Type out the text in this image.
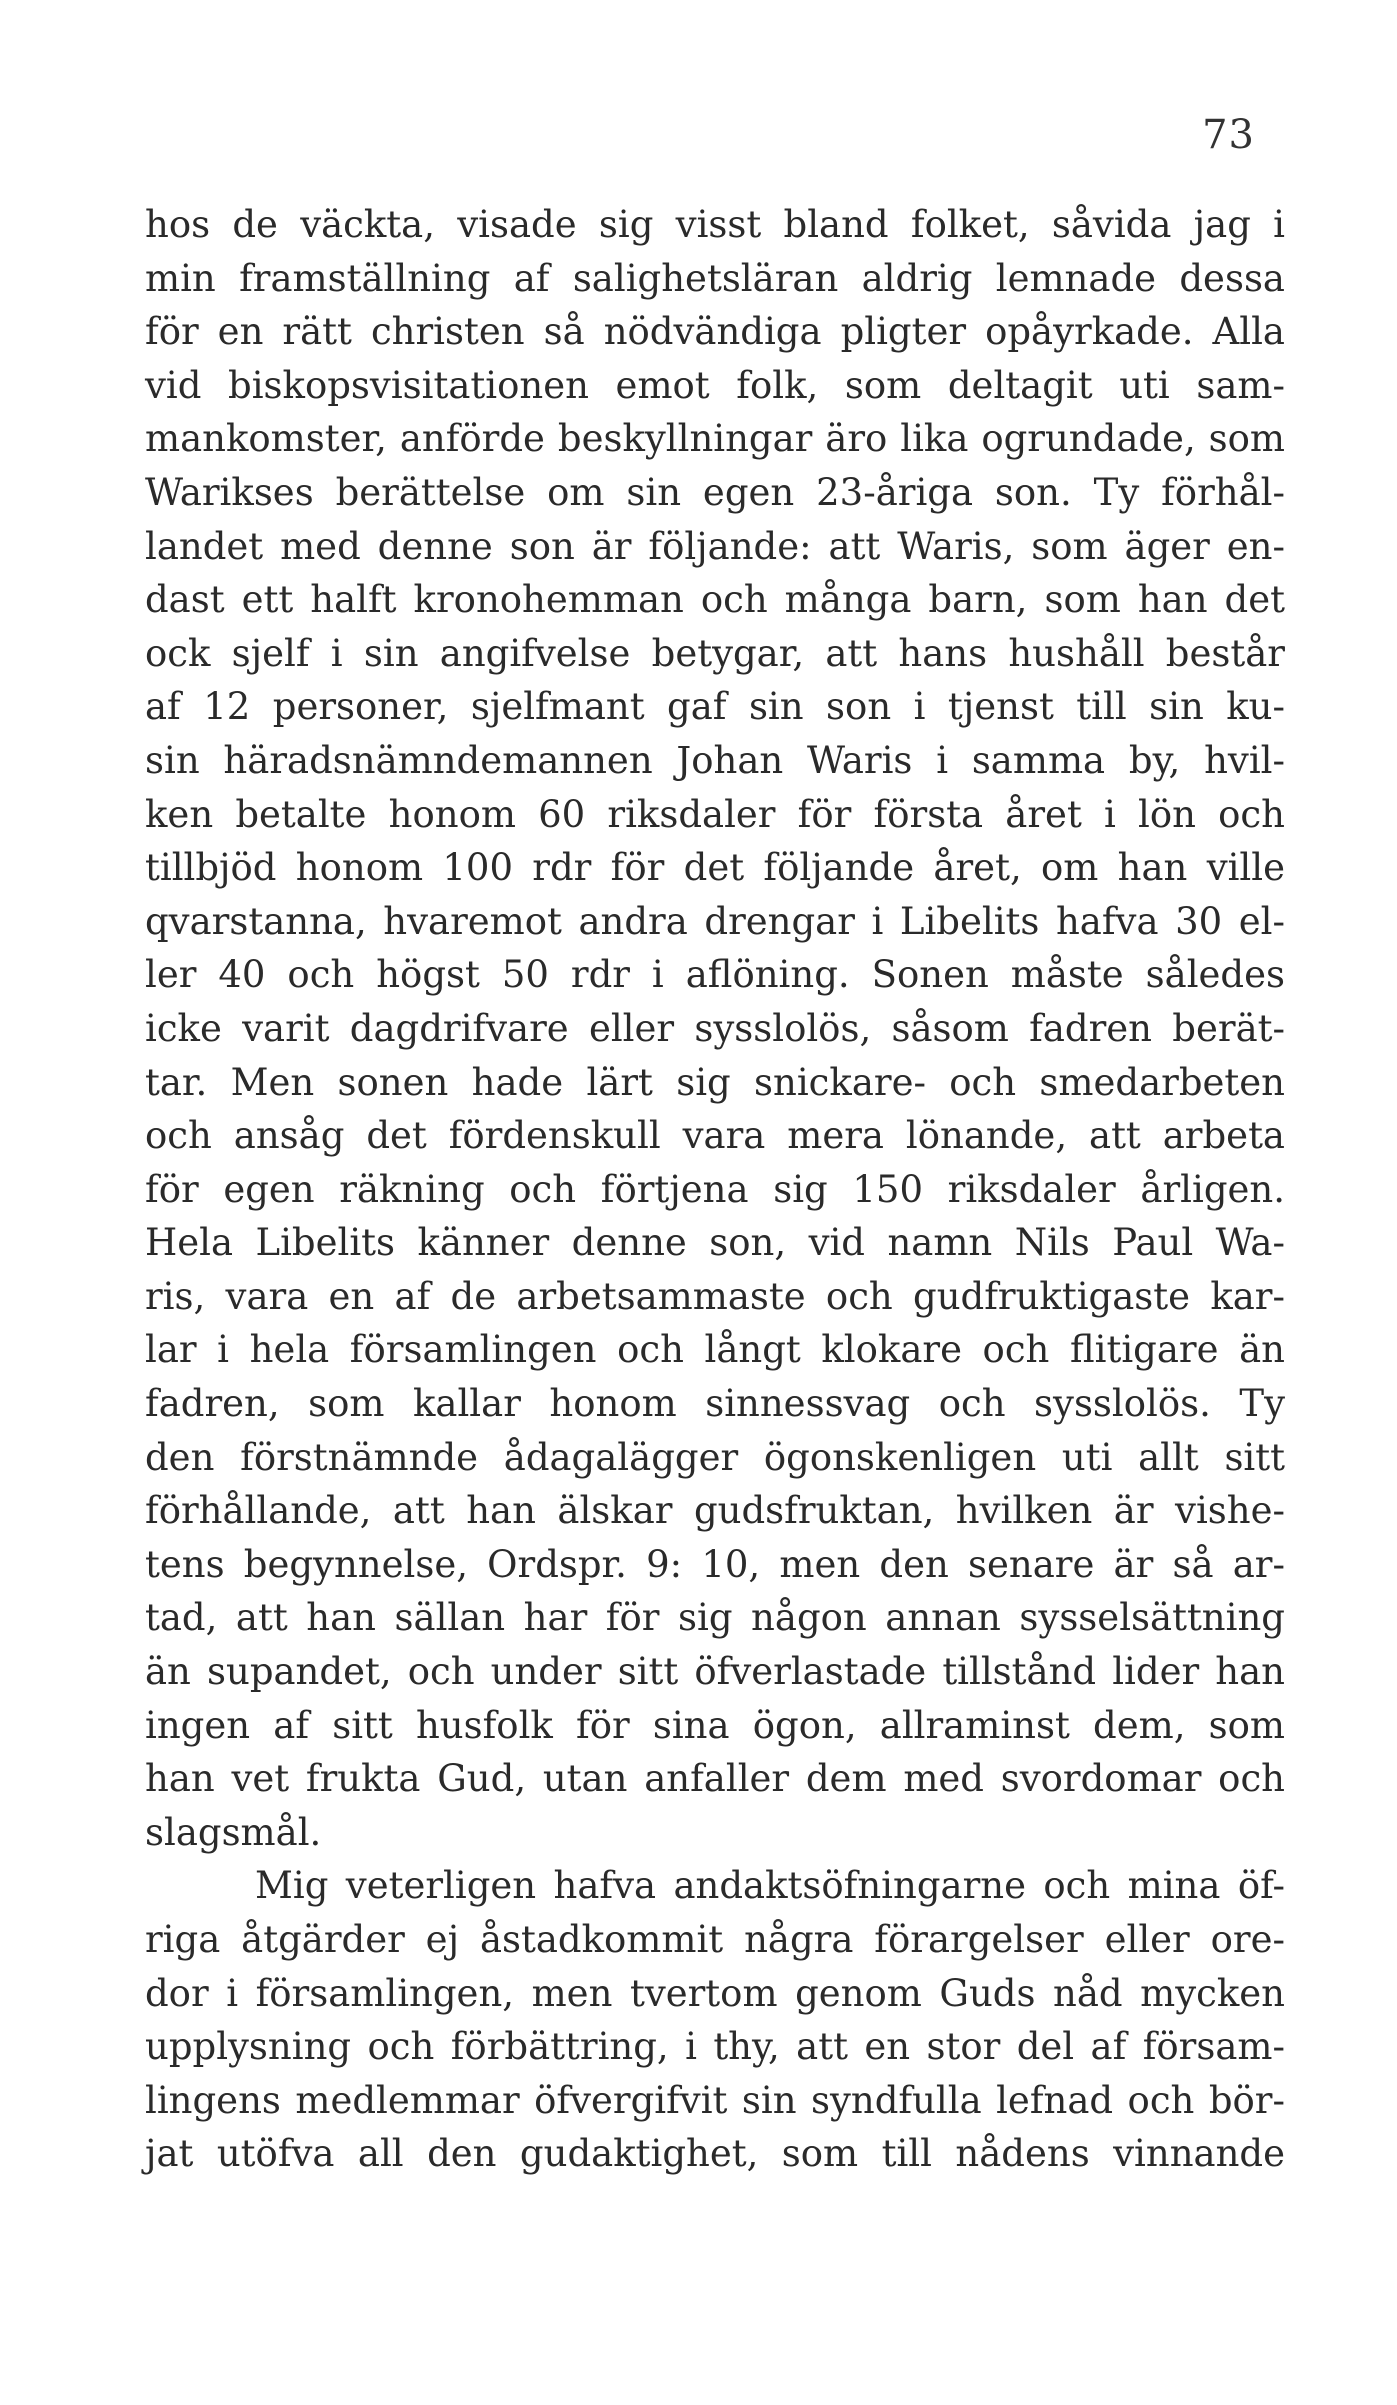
73
hos de väckta, visade sig visst bland folket, såvida jag i
min framställning af salighetsläran aldrig lemnade dessa
för en rätt christen så nödvändiga pligter opåyrkade. Alla
vid biskopsvisitationen emot folk, som deltagit uti sam-
mankomster, anförde beskyllningar äro lika ogrundade, som
Warikses berättelse om sin egen 23-åriga son. Ty förhål-
landet med denne son är följande: att Waris, som äger en-
dast ett halft kronohemman och många barn, som han det
ock sjelf i sin angifvelse betygar, att hans hushåll består
af 12 personer, sjelfmant gaf sin son i tjenst till sin ku-
sin häradsnämndemannen Johan Waris i samma by, hvil-
ken betalte honom 60 riksdaler för första året i lön och
tillbjöd honom 100 rdr för det följande året, om han ville
qvarstanna, hvaremot andra drengar i Libelits hafva 30 el-
ler 40 och högst 50 rdr i aflöning. Sonen måste således
icke varit dagdrifvare eller sysslolös, såsom fadren berät-
tar. Men sonen hade lärt sig snickare- och smedarbeten
och ansåg det fördenskull vara mera lönande, att arbeta
för egen räkning och förtjena sig 150 riksdaler årligen.
Hela Libelits känner denne son, vid namn Nils Paul Wa-
ris, vara en af de arbetsammaste och gudfruktigaste kar-
lar i hela församlingen och långt klokare och flitigare än
fadren, som kallar honom sinnessvag och sysslolös. Ty
den förstnämnde ådagalägger ögonskenligen uti allt sitt
förhållande, att han älskar gudsfruktan, hvilken är vishe-
tens begynnelse, Ordspr. 9: 10, men den senare är så ar-
tad, att han sällan har för sig någon annan sysselsättning
än supandet, och under sitt öfverlastade tillstånd lider han
ingen af sitt husfolk för sina ögon, allraminst dem, som
han vet frukta Gud, utan anfaller dem med svordomar och
slagsmål.
Mig veterligen hafva andaktsöfningarne och mina öf-
riga åtgärder ej åstadkommit några förargelser eller ore-
dor i församlingen, men tvertom genom Guds nåd mycken
upplysning och förbättring, i thy, att en stor del af försam-
lingens medlemmar öfvergifvit sin syndfulla lefnad och bör-
jat utöfva all den gudaktighet, som till nådens vinnande
